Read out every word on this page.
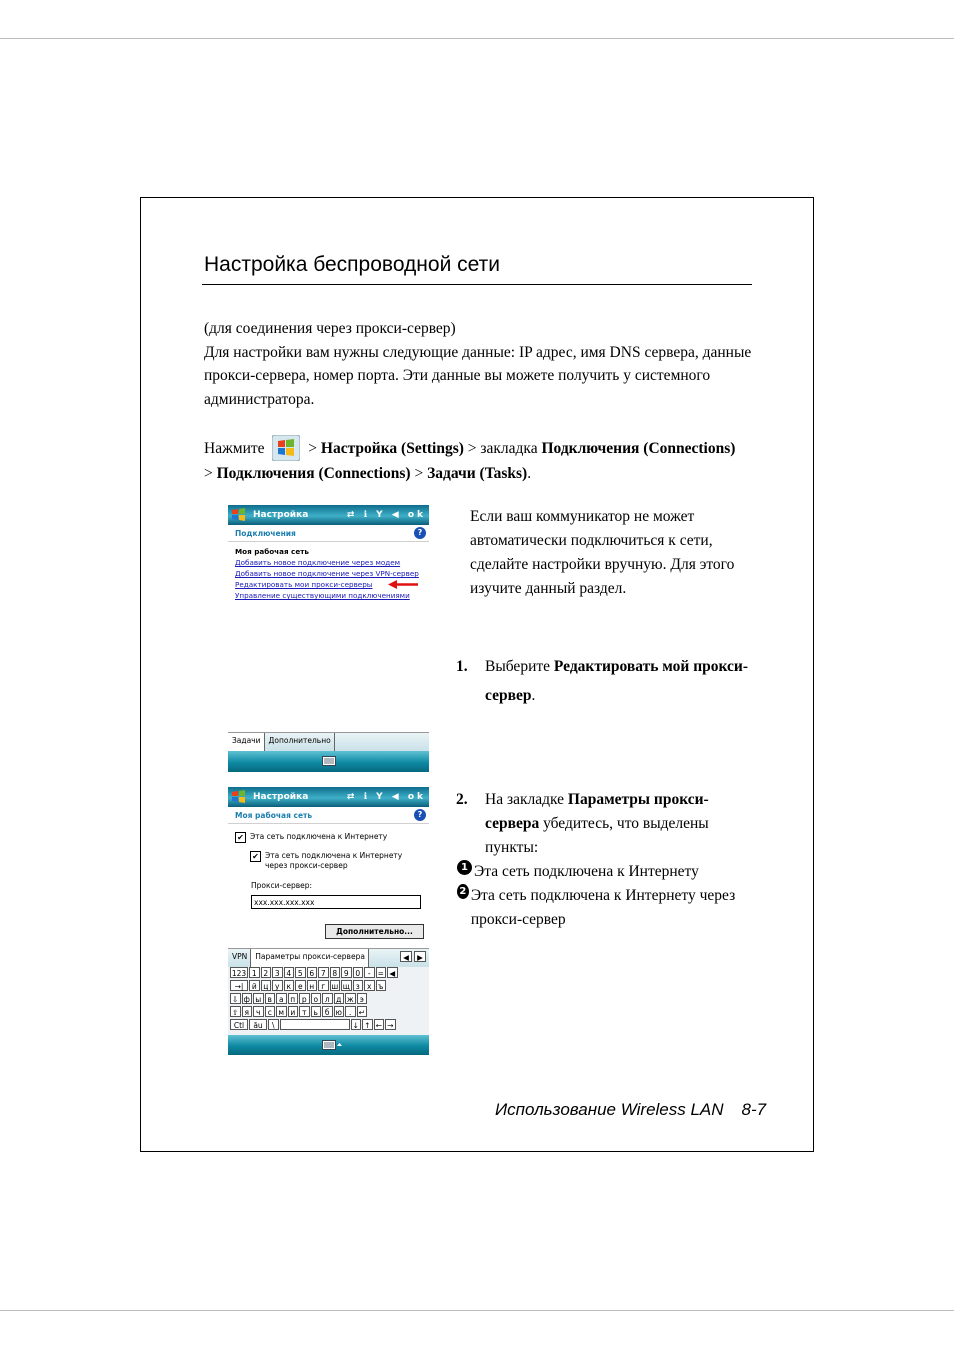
Настройка беспроводной сети
(для соединения через прокси-сервер)
Для настройки вам нужны следующие данные: IP адрес, имя DNS сервера, данные прокси-сервера, номер порта. Эти данные вы можете получить у системного администратора.
Нажмите	> Настройка (Settings) > закладка Подключения (Connections)
> Подключения (Connections) > Задачи (Tasks).
Настройка	⇄ ℹ Y ◀ ok
Подключения	?
Моя рабочая сеть
Добавить новое подключение через модем
Добавить новое подключение через VPN-сервер
Редактировать мои прокси-серверы
Управление существующими подключениями
Задачи	Дополнительно
Если ваш коммуникатор не может автоматически подключиться к сети, сделайте настройки вручную. Для этого изучите данный раздел.
1. Выберите Редактировать мой прокси-сервер.
Настройка	⇄ ℹ Y ◀ ok
Моя рабочая сеть	?
✔ Эта сеть подключена к Интернету
✔ Эта сеть подключена к Интернету через прокси-сервер
Прокси-сервер:
xxx.xxx.xxx.xxx
Дополнительно...
VPN	Параметры прокси-сервера	◀	▶
123 1 2 3 4 5 6 7 8 9 0	- = ◀
→|	й ц у к е н г ш щ з х ъ
⇩ ф ы в а п р о л д ж э
⇧ я ч с м и т ь б ю . ↵
Ctl	ău	\	↓ ↑ ← →
2. На закладке Параметры прокси-сервера убедитесь, что выделены пункты:
1 Эта сеть подключена к Интернету
2 Эта сеть подключена к Интернету через прокси-сервер
Использование Wireless LAN 8-7
